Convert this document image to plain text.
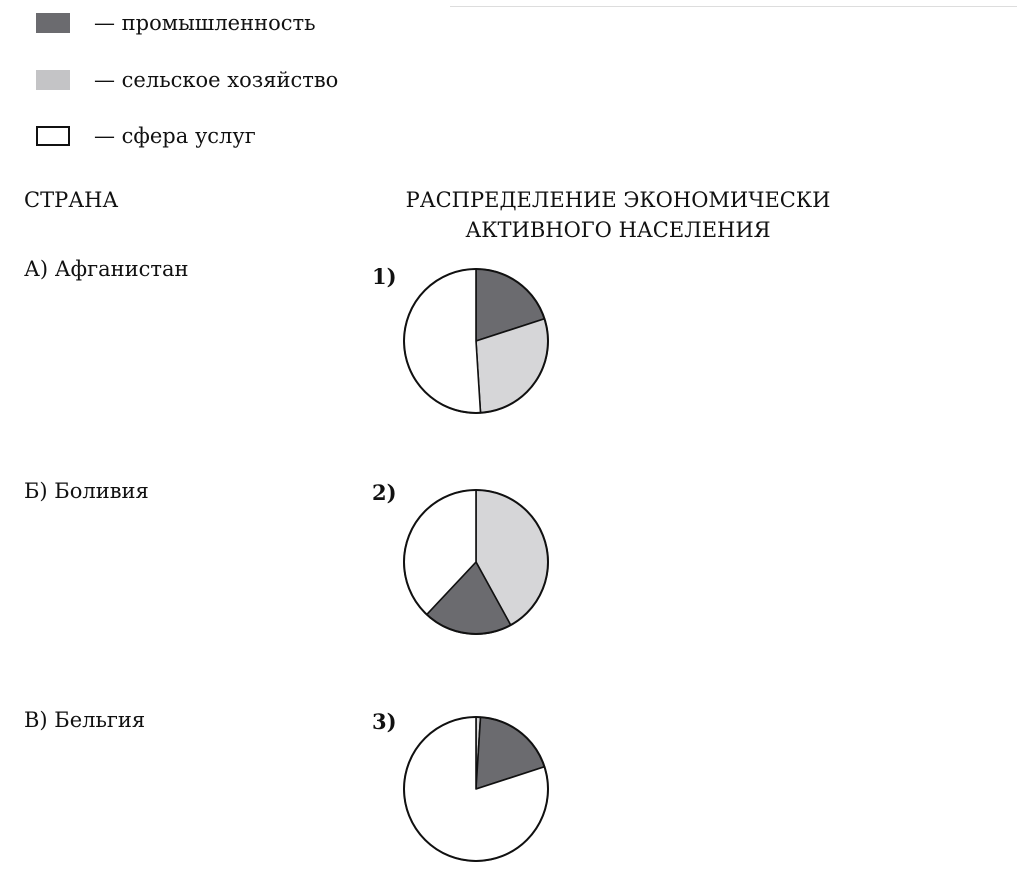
— промышленность
— сельское хозяйство
— сфера услуг
СТРАНА	РАСПРЕДЕЛЕНИЕ ЭКОНОМИЧЕСКИ
АКТИВНОГО НАСЕЛЕНИЯ
А) Афганистан
Б) Боливия
В) Бельгия
1)
2)
3)
